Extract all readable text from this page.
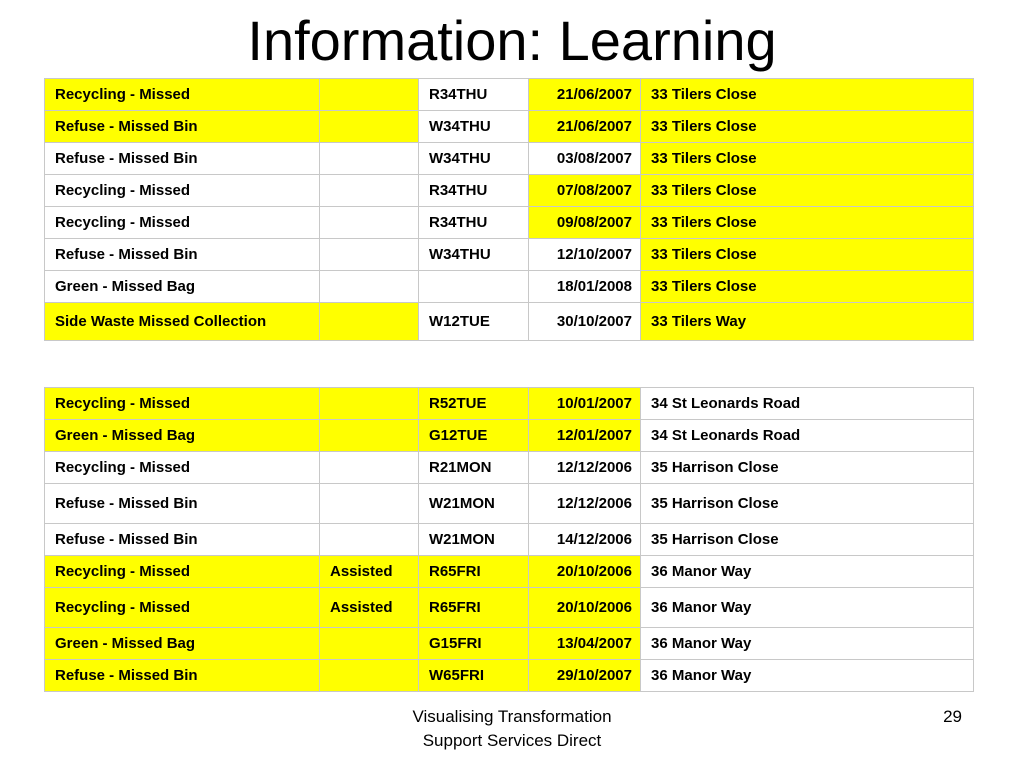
Information: Learning
Recycling - Missed		R34THU	21/06/2007	33 Tilers Close
Refuse - Missed Bin		W34THU	21/06/2007	33 Tilers Close
Refuse - Missed Bin		W34THU	03/08/2007	33 Tilers Close
Recycling - Missed		R34THU	07/08/2007	33 Tilers Close
Recycling - Missed		R34THU	09/08/2007	33 Tilers Close
Refuse - Missed Bin		W34THU	12/10/2007	33 Tilers Close
Green - Missed Bag			18/01/2008	33 Tilers Close
Side Waste Missed Collection		W12TUE	30/10/2007	33 Tilers Way
Recycling - Missed		R52TUE	10/01/2007	34 St Leonards Road
Green - Missed Bag		G12TUE	12/01/2007	34 St Leonards Road
Recycling - Missed		R21MON	12/12/2006	35 Harrison Close
Refuse - Missed Bin		W21MON	12/12/2006	35 Harrison Close
Refuse - Missed Bin		W21MON	14/12/2006	35 Harrison Close
Recycling - Missed	Assisted	R65FRI	20/10/2006	36 Manor Way
Recycling - Missed	Assisted	R65FRI	20/10/2006	36 Manor Way
Green - Missed Bag		G15FRI	13/04/2007	36 Manor Way
Refuse - Missed Bin		W65FRI	29/10/2007	36 Manor Way
Visualising Transformation
Support Services Direct
29
